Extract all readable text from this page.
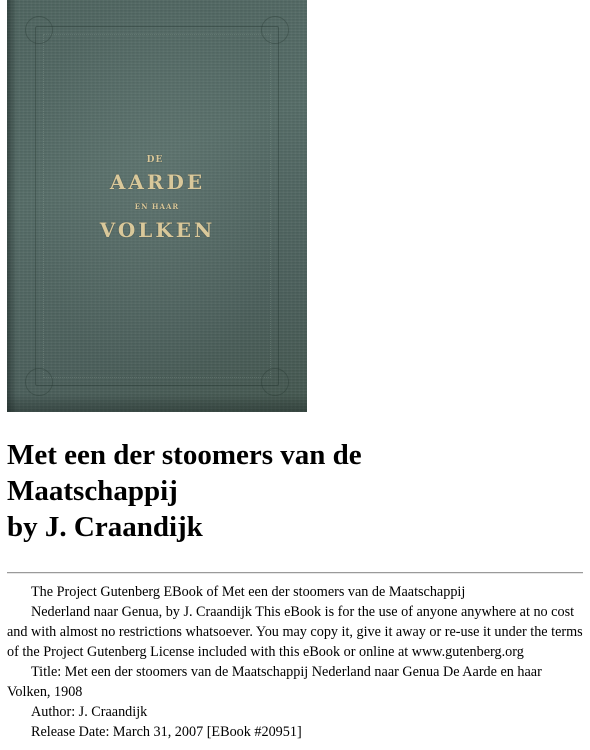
DE
AARDE
EN HAAR
VOLKEN
Met een der stoomers van de
Maatschappij
by J. Craandijk

The Project Gutenberg EBook of Met een der stoomers van de Maatschappij

Nederland naar Genua, by J. Craandijk This eBook is for the use of anyone anywhere at no cost and with almost no restrictions whatsoever. You may copy it, give it away or re-use it under the terms of the Project Gutenberg License included with this eBook or online at www.gutenberg.org

Title: Met een der stoomers van de Maatschappij Nederland naar Genua De Aarde en haar Volken, 1908

Author: J. Craandijk

Release Date: March 31, 2007 [EBook #20951]
